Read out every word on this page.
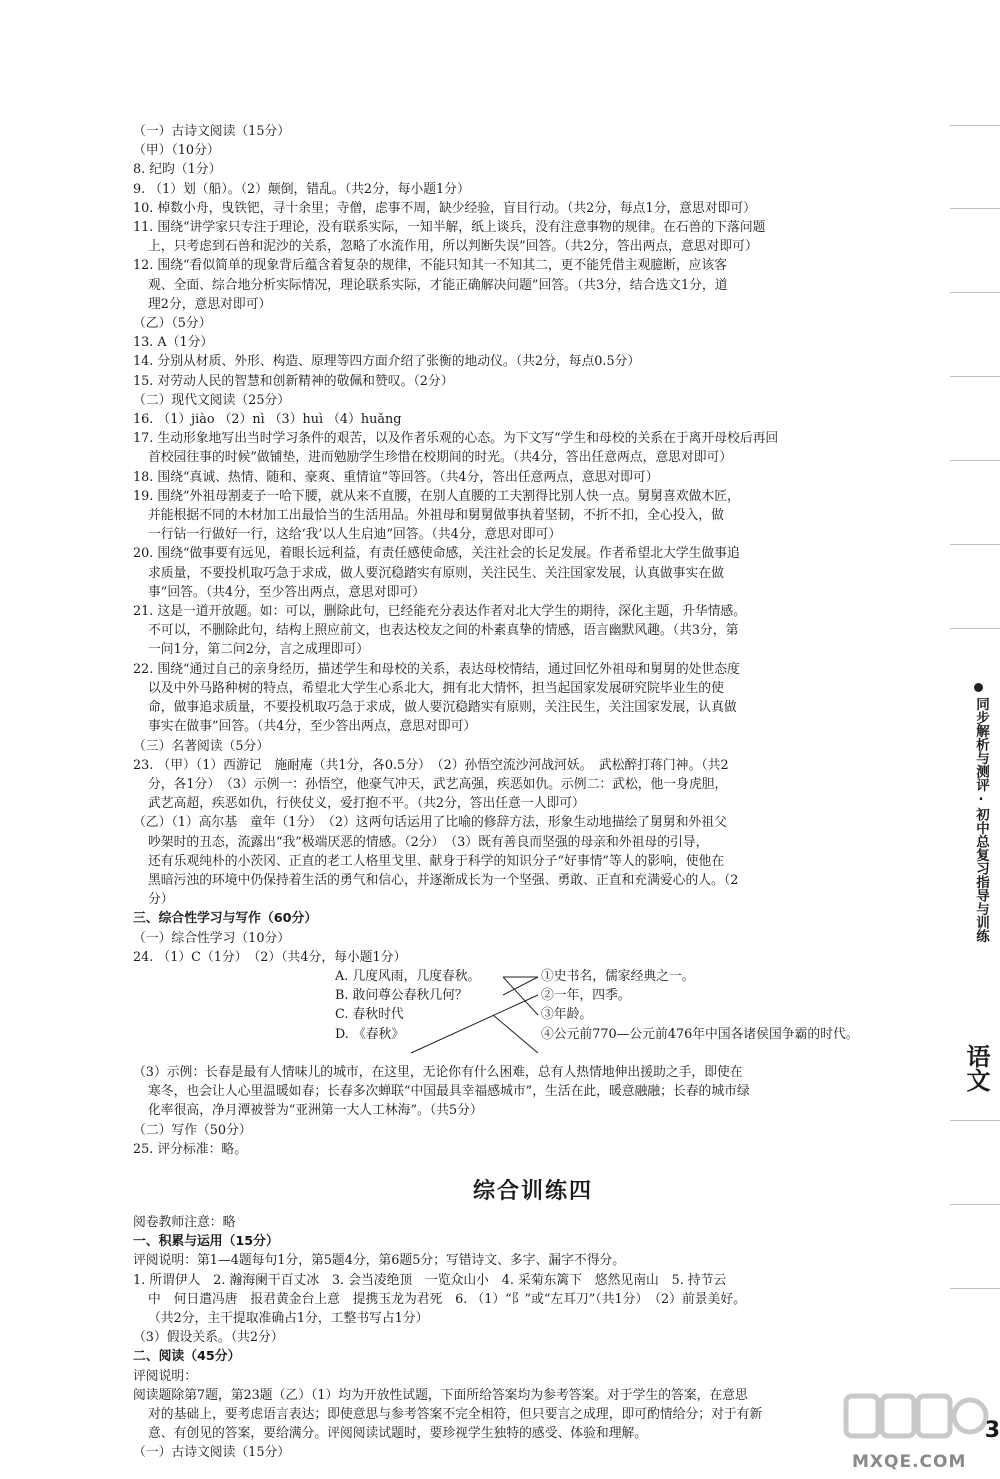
（一）古诗文阅读（15分）
（甲）（10分）
8. 纪昀（1分）
9. （1）划（船）。（2）颠倒，错乱。（共2分，每小题1分）
10. 棹数小舟，曳铁钯，寻十余里；寺僧，虑事不周，缺少经验，盲目行动。（共2分，每点1分，意思对即可）
11. 围绕“讲学家只专注于理论，没有联系实际，一知半解，纸上谈兵，没有注意事物的规律。在石兽的下落问题
上，只考虑到石兽和泥沙的关系，忽略了水流作用，所以判断失误”回答。（共2分，答出两点，意思对即可）
12. 围绕“看似简单的现象背后蕴含着复杂的规律，不能只知其一不知其二，更不能凭借主观臆断，应该客
观、全面、综合地分析实际情况，理论联系实际，才能正确解决问题”回答。（共3分，结合选文1分，道
理2分，意思对即可）
（乙）（5分）
13. A（1分）
14. 分别从材质、外形、构造、原理等四方面介绍了张衡的地动仪。（共2分，每点0.5分）
15. 对劳动人民的智慧和创新精神的敬佩和赞叹。（2分）
（二）现代文阅读（25分）
16. （1）jiào （2）nì （3）huì （4）huǎng
17. 生动形象地写出当时学习条件的艰苦，以及作者乐观的心态。为下文写“学生和母校的关系在于离开母校后再回
首校园往事的时候”做铺垫，进而勉励学生珍惜在校期间的时光。（共4分，答出任意两点，意思对即可）
18. 围绕“真诚、热情、随和、豪爽、重情谊”等回答。（共4分，答出任意两点，意思对即可）
19. 围绕“外祖母割麦子一哈下腰，就从来不直腰，在别人直腰的工夫割得比别人快一点。舅舅喜欢做木匠，
并能根据不同的木材加工出最恰当的生活用品。外祖母和舅舅做事执着坚韧，不折不扣，全心投入，做
一行钻一行做好一行，这给‘我’以人生启迪”回答。（共4分，意思对即可）
20. 围绕“做事要有远见，着眼长远利益，有责任感使命感，关注社会的长足发展。作者希望北大学生做事追
求质量，不要投机取巧急于求成，做人要沉稳踏实有原则，关注民生、关注国家发展，认真做事实在做
事”回答。（共4分，至少答出两点，意思对即可）
21. 这是一道开放题。如：可以，删除此句，已经能充分表达作者对北大学生的期待，深化主题，升华情感。
不可以，不删除此句，结构上照应前文，也表达校友之间的朴素真挚的情感，语言幽默风趣。（共3分，第
一问1分，第二问2分，言之成理即可）
22. 围绕“通过自己的亲身经历，描述学生和母校的关系，表达母校情结，通过回忆外祖母和舅舅的处世态度
以及中外马路种树的特点，希望北大学生心系北大，拥有北大情怀，担当起国家发展研究院毕业生的使
命，做事追求质量，不要投机取巧急于求成，做人要沉稳踏实有原则，关注民生，关注国家发展，认真做
事实在做事”回答。（共4分，至少答出两点，意思对即可）
（三）名著阅读（5分）
23. （甲）（1）西游记　施耐庵（共1分，各0.5分）　（2）孙悟空流沙河战河妖。　武松醉打蒋门神。（共2
分，各1分）　（3）示例一：孙悟空，他豪气冲天，武艺高强，疾恶如仇。示例二：武松，他一身虎胆，
武艺高超，疾恶如仇，行侠仗义，爱打抱不平。（共2分，答出任意一人即可）
（乙）（1）高尔基　童年（1分）　（2）这两句话运用了比喻的修辞方法，形象生动地描绘了舅舅和外祖父
吵架时的丑态，流露出“我”极端厌恶的情感。（2分）　（3）既有善良而坚强的母亲和外祖母的引导，
还有乐观纯朴的小茨冈、正直的老工人格里戈里、献身于科学的知识分子“好事情”等人的影响，使他在
黑暗污浊的环境中仍保持着生活的勇气和信心，并逐渐成长为一个坚强、勇敢、正直和充满爱心的人。（2
分）
三、综合性学习与写作（60分）
（一）综合性学习（10分）
24. （1）C（1分）　（2）（共4分，每小题1分）
A. 几度风雨，几度春秋。
B. 敢问尊公春秋几何？
C. 春秋时代
D. 《春秋》
①史书名，儒家经典之一。
②一年，四季。
③年龄。
④公元前770—公元前476年中国各诸侯国争霸的时代。
（3）示例：长春是最有人情味儿的城市，在这里，无论你有什么困难，总有人热情地伸出援助之手，即使在
寒冬，也会让人心里温暖如春；长春多次蝉联“中国最具幸福感城市”，生活在此，暖意融融；长春的城市绿
化率很高，净月潭被誉为“亚洲第一大人工林海”。（共5分）
（二）写作（50分）
25. 评分标准：略。
综合训练四
阅卷教师注意：略
一、积累与运用（15分）
评阅说明：第1—4题每句1分，第5题4分，第6题5分；写错诗文、多字、漏字不得分。
1. 所谓伊人　2. 瀚海阑干百丈冰　3. 会当凌绝顶　一览众山小　4. 采菊东篱下　悠然见南山　5. 持节云
中　何日遣冯唐　报君黄金台上意　提携玉龙为君死　6. （1）“阝”或“左耳刀”（共1分）　（2）前景美好。
（共2分，主干提取准确占1分，工整书写占1分）
（3）假设关系。（共2分）
二、阅读（45分）
评阅说明：
阅读题除第7题，第23题（乙）（1）均为开放性试题，下面所给答案均为参考答案。对于学生的答案，在意思
对的基础上，要考虑语言表达；即使意思与参考答案不完全相符，但只要言之成理，即可酌情给分；对于有新
意、有创见的答案，要给满分。评阅阅读试题时，要珍视学生独特的感受、体验和理解。
（一）古诗文阅读（15分）
同步解析与测评·初中总复习指导与训练
语文
3
MXQE.COM
